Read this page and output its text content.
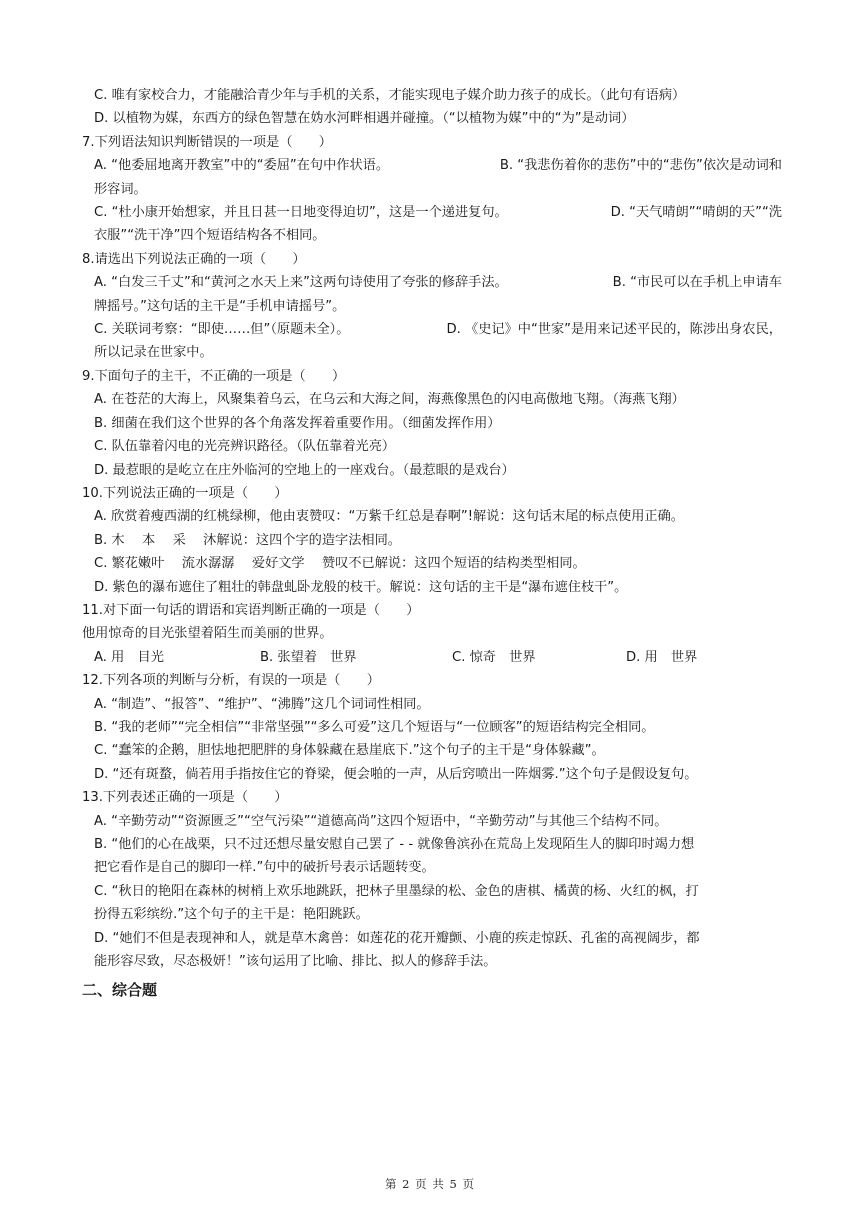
C. 唯有家校合力，才能融洽青少年与手机的关系，才能实现电子媒介助力孩子的成长。（此句有语病）
D. 以植物为媒，东西方的绿色智慧在妫水河畔相遇并碰撞。（“以植物为媒”中的“为”是动词）
7.下列语法知识判断错误的一项是（　　）
A. “他委屈地离开教室”中的“委屈”在句中作状语。	B. “我悲伤着你的悲伤”中的“悲伤”依次是动词和
形容词。
C. “杜小康开始想家，并且日甚一日地变得迫切”，这是一个递进复句。	D. “天气晴朗”“晴朗的天”“洗
衣服”“洗干净”四个短语结构各不相同。
8.请选出下列说法正确的一项（　　）
A. “白发三千丈”和“黄河之水天上来”这两句诗使用了夸张的修辞手法。	B. “市民可以在手机上申请车
牌摇号。”这句话的主干是“手机申请摇号”。
C. 关联词考察：“即使……但”（原题未全）。	D. 《史记》中“世家”是用来记述平民的，陈涉出身农民，
所以记录在世家中。
9.下面句子的主干，不正确的一项是（　　）
A. 在苍茫的大海上，风聚集着乌云，在乌云和大海之间，海燕像黑色的闪电高傲地飞翔。（海燕飞翔）
B. 细菌在我们这个世界的各个角落发挥着重要作用。（细菌发挥作用）
C. 队伍靠着闪电的光亮辨识路径。（队伍靠着光亮）
D. 最惹眼的是屹立在庄外临河的空地上的一座戏台。（最惹眼的是戏台）
10.下列说法正确的一项是（　　）
A. 欣赏着瘦西湖的红桃绿柳，他由衷赞叹：“万紫千红总是春啊”!解说：这句话末尾的标点使用正确。
B. 木　 本　 采　 沐解说：这四个字的造字法相同。
C. 繁花嫩叶　 流水潺潺　 爱好文学　 赞叹不已解说：这四个短语的结构类型相同。
D. 紫色的瀑布遮住了粗壮的韩盘虬卧龙般的枝干。解说：这句话的主干是“瀑布遮住枝干”。
11.对下面一句话的谓语和宾语判断正确的一项是（　　）
他用惊奇的目光张望着陌生而美丽的世界。
A. 用　目光	B. 张望着　世界	C. 惊奇　世界	D. 用　世界
12.下列各项的判断与分析，有误的一项是（　　）
A. “制造”、“报答”、“维护”、“沸腾”这几个词词性相同。
B. “我的老师”“完全相信”“非常坚强”“多么可爱”这几个短语与“一位顾客”的短语结构完全相同。
C. “蠢笨的企鹅，胆怯地把肥胖的身体躲藏在悬崖底下.”这个句子的主干是“身体躲藏”。
D. “还有斑蝥，倘若用手指按住它的脊梁，便会啪的一声，从后窍喷出一阵烟雾.”这个句子是假设复句。
13.下列表述正确的一项是（　　）
A. “辛勤劳动”“资源匮乏”“空气污染”“道德高尚”这四个短语中，“辛勤劳动”与其他三个结构不同。
B. “他们的心在战栗，只不过还想尽量安慰自己罢了 - - 就像鲁滨孙在荒岛上发现陌生人的脚印时竭力想
把它看作是自己的脚印一样.”句中的破折号表示话题转变。
C. “秋日的艳阳在森林的树梢上欢乐地跳跃，把林子里墨绿的松、金色的唐棋、橘黄的杨、火红的枫，打
扮得五彩缤纷.”这个句子的主干是：艳阳跳跃。
D. “她们不但是表现神和人，就是草木禽兽：如莲花的花开瓣颤、小鹿的疾走惊跃、孔雀的高视阔步，都
能形容尽致，尽态极妍！”该句运用了比喻、排比、拟人的修辞手法。
二、综合题
第 2 页 共 5 页
